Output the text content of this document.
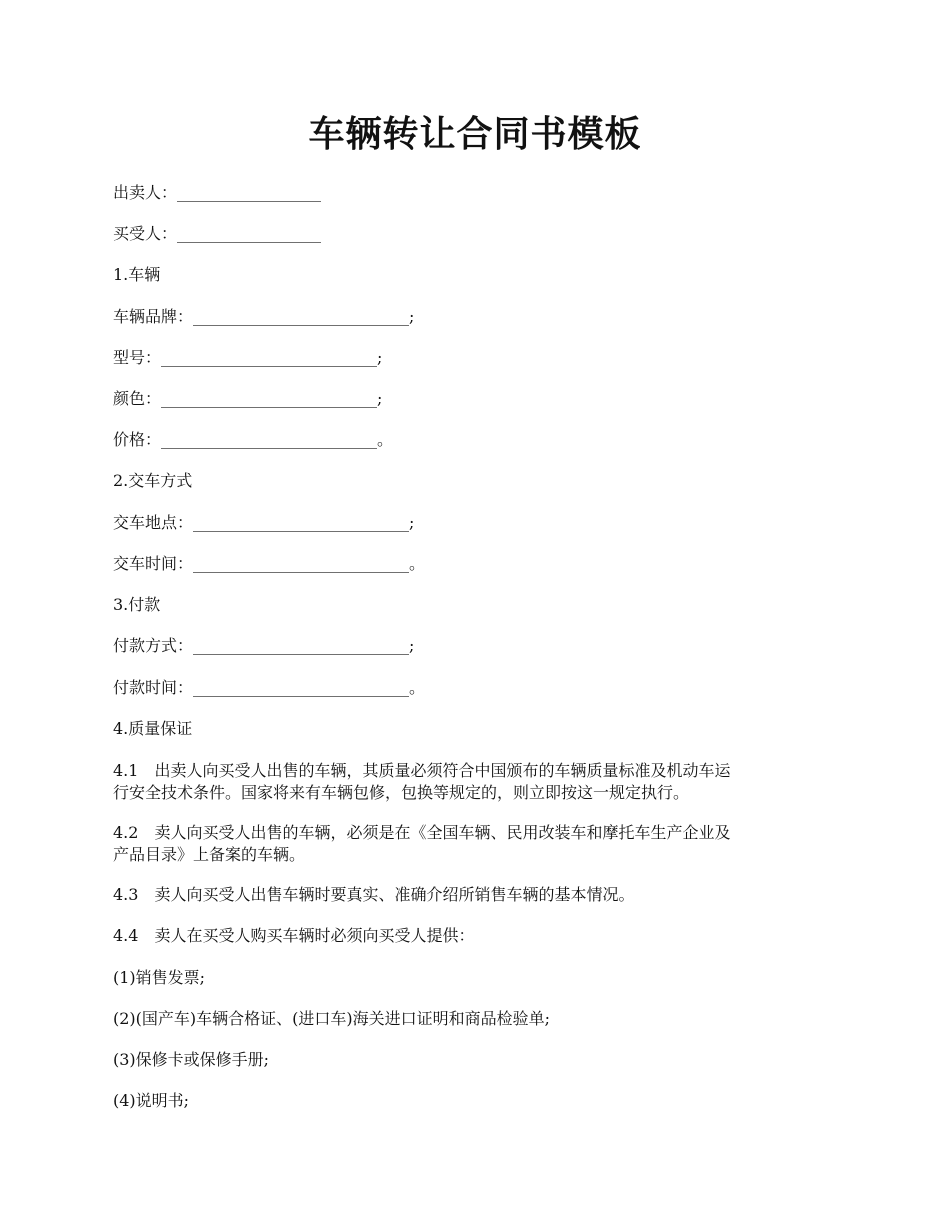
车辆转让合同书模板
出卖人：__________________
买受人：__________________
1.车辆
车辆品牌：___________________________;
型号：___________________________;
颜色：___________________________;
价格：___________________________。
2.交车方式
交车地点：___________________________;
交车时间：___________________________。
3.付款
付款方式：___________________________;
付款时间：___________________________。
4.质量保证
4.1　出卖人向买受人出售的车辆，其质量必须符合中国颁布的车辆质量标准及机动车运
行安全技术条件。国家将来有车辆包修，包换等规定的，则立即按这一规定执行。
4.2　卖人向买受人出售的车辆，必须是在《全国车辆、民用改装车和摩托车生产企业及
产品目录》上备案的车辆。
4.3　卖人向买受人出售车辆时要真实、准确介绍所销售车辆的基本情况。
4.4　卖人在买受人购买车辆时必须向买受人提供：
(1)销售发票;
(2)(国产车)车辆合格证、(进口车)海关进口证明和商品检验单;
(3)保修卡或保修手册;
(4)说明书;
